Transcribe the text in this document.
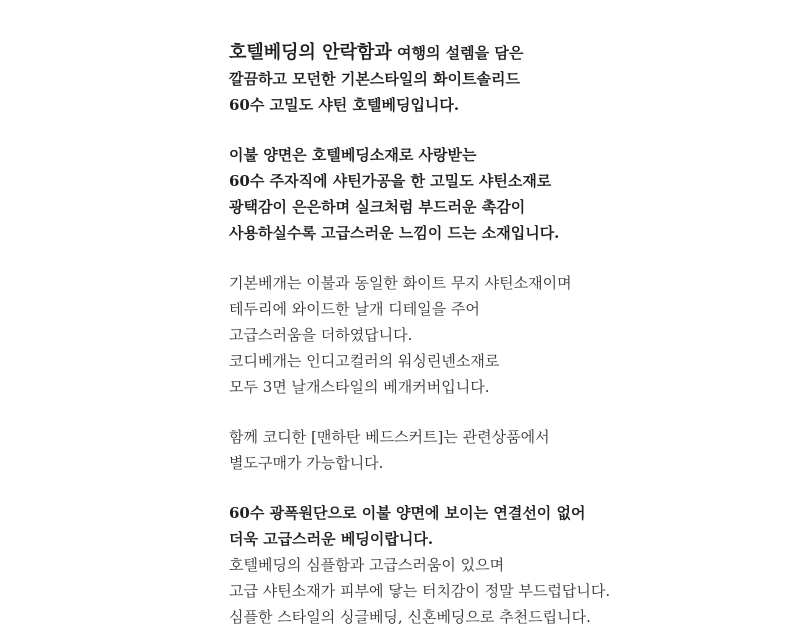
호텔베딩의 안락함과 여행의 설렘을 담은
깔끔하고 모던한 기본스타일의 화이트솔리드
60수 고밀도 샤틴 호텔베딩입니다.
이불 양면은 호텔베딩소재로 사랑받는
60수 주자직에 샤틴가공을 한 고밀도 샤틴소재로
광택감이 은은하며 실크처럼 부드러운 촉감이
사용하실수록 고급스러운 느낌이 드는 소재입니다.
기본베개는 이불과 동일한 화이트 무지 샤틴소재이며
테두리에 와이드한 날개 디테일을 주어
고급스러움을 더하였답니다.
코디베개는 인디고컬러의 워싱린넨소재로
모두 3면 날개스타일의 베개커버입니다.
함께 코디한 [맨하탄 베드스커트]는 관련상품에서
별도구매가 가능합니다.
60수 광폭원단으로 이불 양면에 보이는 연결선이 없어
더욱 고급스러운 베딩이랍니다.
호텔베딩의 심플함과 고급스러움이 있으며
고급 샤틴소재가 피부에 닿는 터치감이 정말 부드럽답니다.
심플한 스타일의 싱글베딩, 신혼베딩으로 추천드립니다.
